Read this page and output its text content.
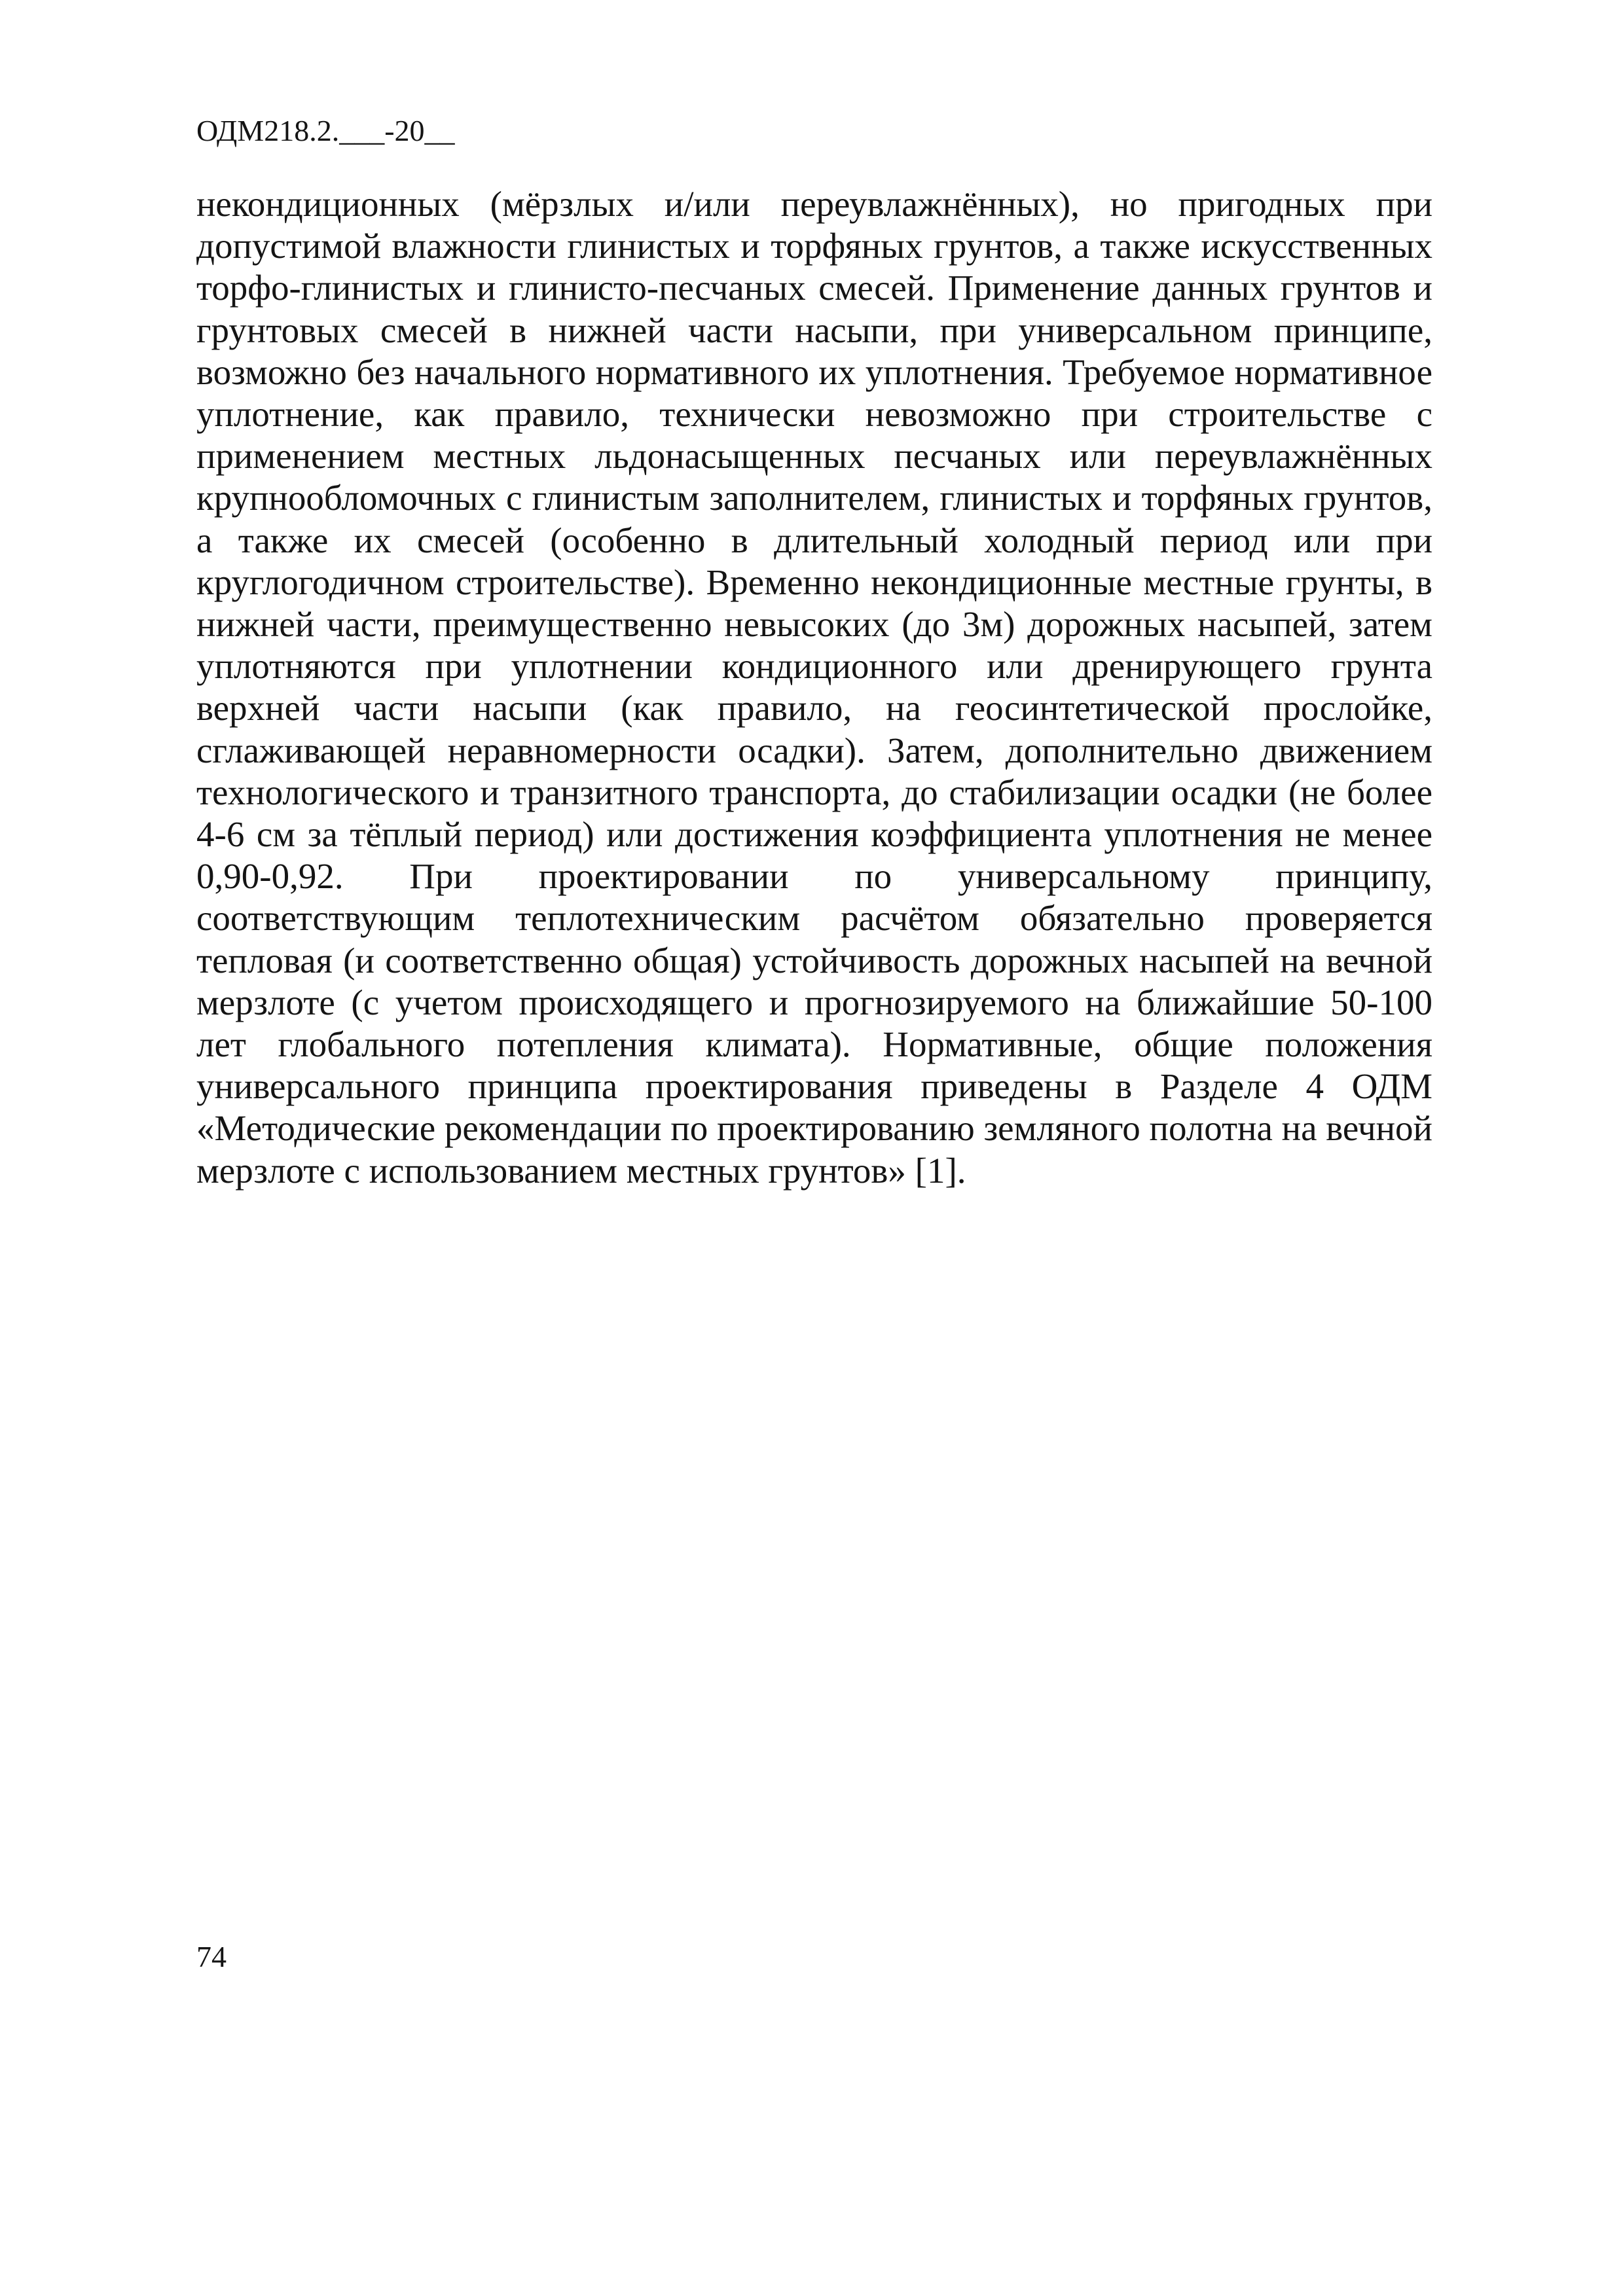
ОДМ218.2.___-20__

некондиционных (мёрзлых и/или переувлажнённых), но пригодных при допустимой влажности глинистых и торфяных грунтов, а также искусственных торфо-глинистых и глинисто-песчаных смесей. Применение данных грунтов и грунтовых смесей в нижней части насыпи, при универсальном принципе, возможно без начального нормативного их уплотнения. Требуемое нормативное уплотнение, как правило, технически невозможно при строительстве с применением местных льдонасыщенных песчаных или переувлажнённых крупнообломочных с глинистым заполнителем, глинистых и торфяных грунтов, а также их смесей (особенно в длительный холодный период или при круглогодичном строительстве). Временно некондиционные местные грунты, в нижней части, преимущественно невысоких (до 3м) дорожных насыпей, затем уплотняются при уплотнении кондиционного или дренирующего грунта верхней части насыпи (как правило, на геосинтетической прослойке, сглаживающей неравномерности осадки). Затем, дополнительно движением технологического и транзитного транспорта, до стабилизации осадки (не более 4-6 см за тёплый период) или достижения коэффициента уплотнения не менее 0,90-0,92. При проектировании по универсальному принципу, соответствующим теплотехническим расчётом обязательно проверяется тепловая (и соответственно общая) устойчивость дорожных насыпей на вечной мерзлоте (с учетом происходящего и прогнозируемого на ближайшие 50-100 лет глобального потепления климата). Нормативные, общие положения универсального принципа проектирования приведены в Разделе 4 ОДМ «Методические рекомендации по проектированию земляного полотна на вечной мерзлоте с использованием местных грунтов» [1].

74
